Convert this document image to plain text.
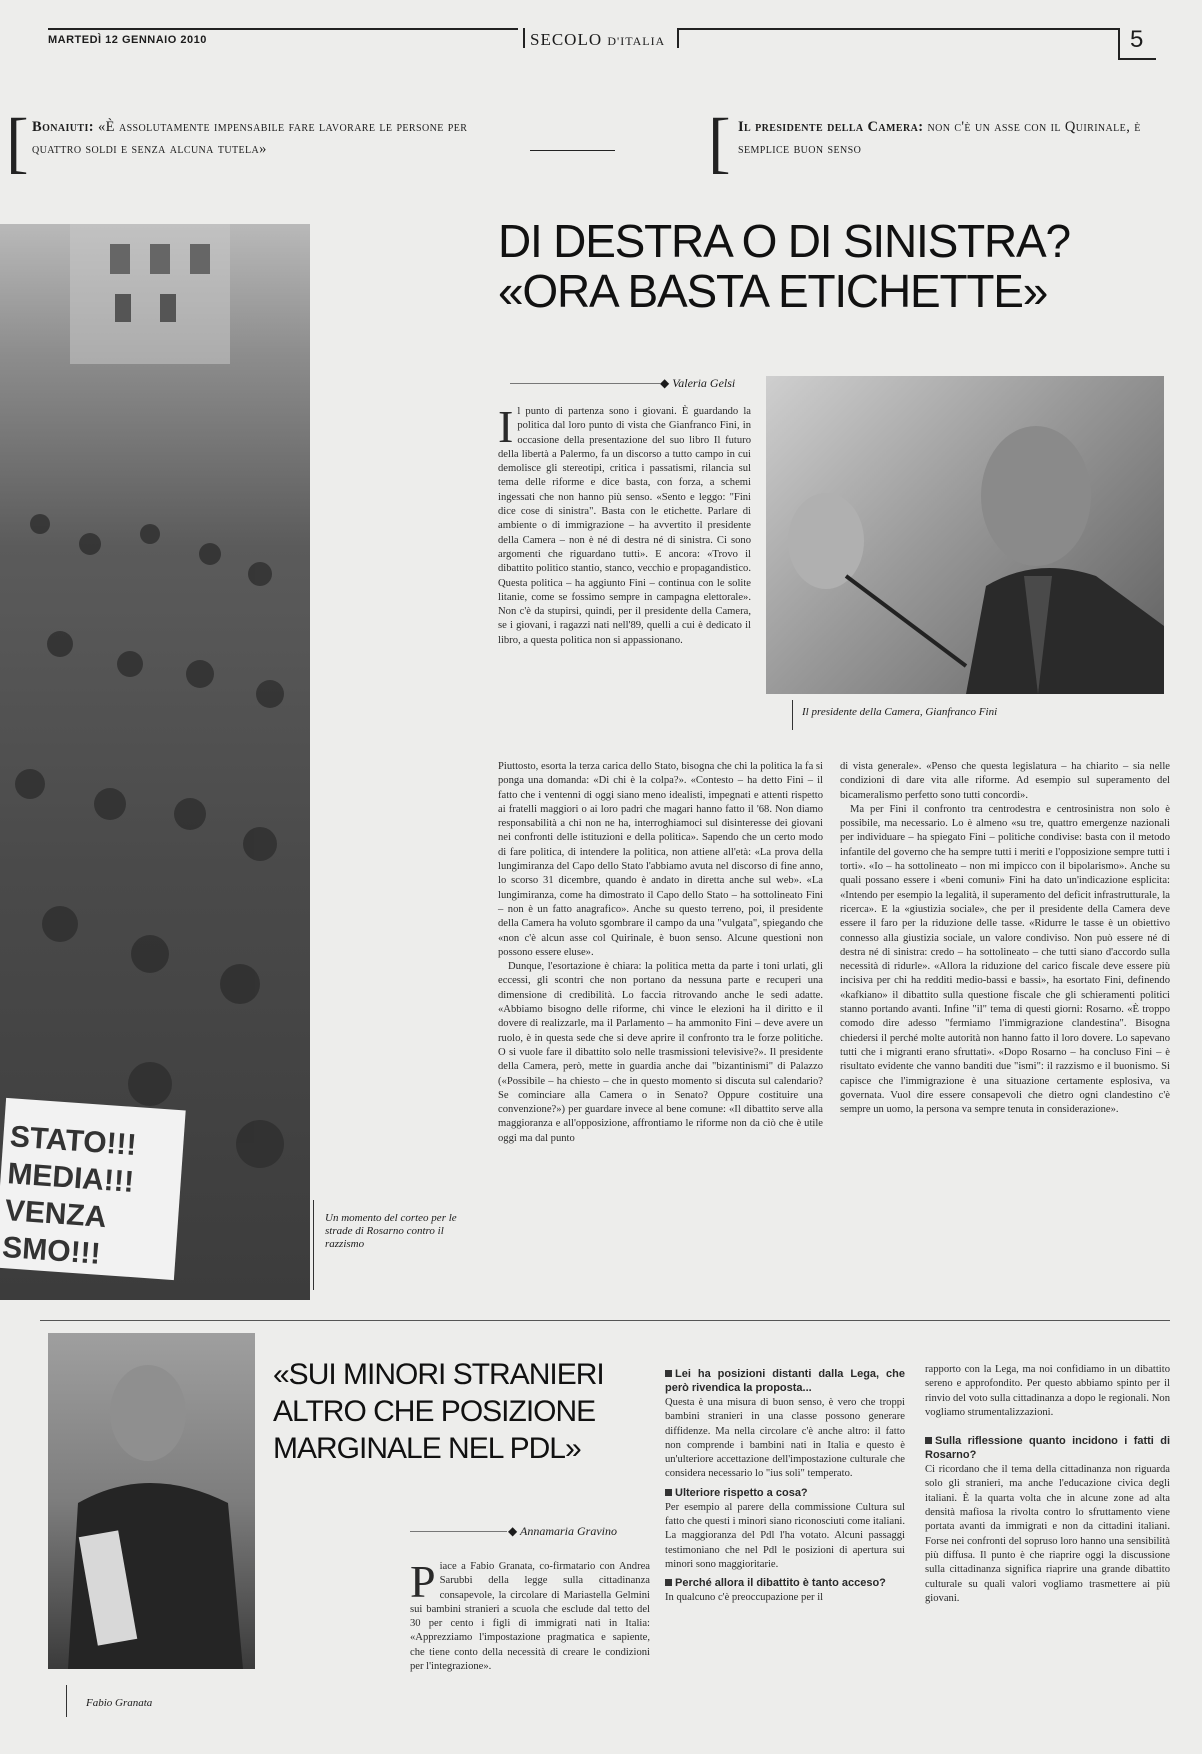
MARTEDÌ 12 GENNAIO 2010	SECOLO D'ITALIA	5
[ Bonaiuti: «È assolutamente impensabile fare lavorare le persone per quattro soldi e senza alcuna tutela»	[ Il presidente della Camera: non c'è un asse con il Quirinale, è semplice buon senso
STATO!!!
MEDIA!!!
VENZA
SMO!!!
Un momento del corteo per le strade di Rosarno contro il razzismo
DI DESTRA O DI SINISTRA?
«ORA BASTA ETICHETTE»
◆ Valeria Gelsi
Il presidente della Camera, Gianfranco Fini
I l punto di partenza sono i giovani. È guardando la politica dal loro punto di vista che Gianfranco Fini, in occasione della presentazione del suo libro Il futuro della libertà a Palermo, fa un discorso a tutto campo in cui demolisce gli stereotipi, critica i passatismi, rilancia sul tema delle riforme e dice basta, con forza, a schemi ingessati che non hanno più senso. «Sento e leggo: "Fini dice cose di sinistra". Basta con le etichette. Parlare di ambiente o di immigrazione – ha avvertito il presidente della Camera – non è né di destra né di sinistra. Ci sono argomenti che riguardano tutti». E ancora: «Trovo il dibattito politico stantio, stanco, vecchio e propagandistico. Questa politica – ha aggiunto Fini – continua con le solite litanie, come se fossimo sempre in campagna elettorale». Non c'è da stupirsi, quindi, per il presidente della Camera, se i giovani, i ragazzi nati nell'89, quelli a cui è dedicato il libro, a questa politica non si appassionano.

Piuttosto, esorta la terza carica dello Stato, bisogna che chi la politica la fa si ponga una domanda: «Di chi è la colpa?». «Contesto – ha detto Fini – il fatto che i ventenni di oggi siano meno idealisti, impegnati e attenti rispetto ai fratelli maggiori o ai loro padri che magari hanno fatto il '68. Non diamo responsabilità a chi non ne ha, interroghiamoci sul disinteresse dei giovani nei confronti delle istituzioni e della politica». Sapendo che un certo modo di fare politica, di intendere la politica, non attiene all'età: «La prova della lungimiranza del Capo dello Stato l'abbiamo avuta nel discorso di fine anno, lo scorso 31 dicembre, quando è andato in diretta anche sul web». «La lungimiranza, come ha dimostrato il Capo dello Stato – ha sottolineato Fini – non è un fatto anagrafico». Anche su questo terreno, poi, il presidente della Camera ha voluto sgombrare il campo da una "vulgata", spiegando che «non c'è alcun asse col Quirinale, è buon senso. Alcune questioni non possono essere eluse».

Dunque, l'esortazione è chiara: la politica metta da parte i toni urlati, gli eccessi, gli scontri che non portano da nessuna parte e recuperi una dimensione di credibilità. Lo faccia ritrovando anche le sedi adatte. «Abbiamo bisogno delle riforme, chi vince le elezioni ha il diritto e il dovere di realizzarle, ma il Parlamento – ha ammonito Fini – deve avere un ruolo, è in questa sede che si deve aprire il confronto tra le forze politiche. O si vuole fare il dibattito solo nelle trasmissioni televisive?». Il presidente della Camera, però, mette in guardia anche dai "bizantinismi" di Palazzo («Possibile – ha chiesto – che in questo momento si discuta sul calendario? Se cominciare alla Camera o in Senato? Oppure costituire una convenzione?») per guardare invece al bene comune: «Il dibattito serve alla maggioranza e all'opposizione, affrontiamo le riforme non da ciò che è utile oggi ma dal punto

di vista generale». «Penso che questa legislatura – ha chiarito – sia nelle condizioni di dare vita alle riforme. Ad esempio sul superamento del bicameralismo perfetto sono tutti concordi».

Ma per Fini il confronto tra centrodestra e centrosinistra non solo è possibile, ma necessario. Lo è almeno «su tre, quattro emergenze nazionali per individuare – ha spiegato Fini – politiche condivise: basta con il metodo infantile del governo che ha sempre tutti i meriti e l'opposizione sempre tutti i torti». «Io – ha sottolineato – non mi impicco con il bipolarismo». Anche su quali possano essere i «beni comuni» Fini ha dato un'indicazione esplicita: «Intendo per esempio la legalità, il superamento del deficit infrastrutturale, la ricerca». E la «giustizia sociale», che per il presidente della Camera deve essere il faro per la riduzione delle tasse. «Ridurre le tasse è un obiettivo connesso alla giustizia sociale, un valore condiviso. Non può essere né di destra né di sinistra: credo – ha sottolineato – che tutti siano d'accordo sulla necessità di ridurle». «Allora la riduzione del carico fiscale deve essere più incisiva per chi ha redditi medio-bassi e bassi», ha esortato Fini, definendo «kafkiano» il dibattito sulla questione fiscale che gli schieramenti politici stanno portando avanti. Infine "il" tema di questi giorni: Rosarno. «È troppo comodo dire adesso "fermiamo l'immigrazione clandestina". Bisogna chiedersi il perché molte autorità non hanno fatto il loro dovere. Lo sapevano tutti che i migranti erano sfruttati». «Dopo Rosarno – ha concluso Fini – è risultato evidente che vanno banditi due "ismi": il razzismo e il buonismo. Si capisce che l'immigrazione è una situazione certamente esplosiva, va governata. Vuol dire essere consapevoli che dietro ogni clandestino c'è sempre un uomo, la persona va sempre tenuta in considerazione».

Fabio Granata
«SUI MINORI STRANIERI ALTRO CHE POSIZIONE MARGINALE NEL PDL»
◆ Annamaria Gravino
P iace a Fabio Granata, co-firmatario con Andrea Sarubbi della legge sulla cittadinanza consapevole, la circolare di Mariastella Gelmini sui bambini stranieri a scuola che esclude dal tetto del 30 per cento i figli di immigrati nati in Italia: «Apprezziamo l'impostazione pragmatica e sapiente, che tiene conto della necessità di creare le condizioni per l'integrazione».
Lei ha posizioni distanti dalla Lega, che però rivendica la proposta...
Questa è una misura di buon senso, è vero che troppi bambini stranieri in una classe possono generare diffidenze. Ma nella circolare c'è anche altro: il fatto non comprende i bambini nati in Italia e questo è un'ulteriore accettazione dell'impostazione culturale che considera necessario lo "ius soli" temperato.
Ulteriore rispetto a cosa?
Per esempio al parere della commissione Cultura sul fatto che questi i minori siano riconosciuti come italiani. La maggioranza del Pdl l'ha votato. Alcuni passaggi testimoniano che nel Pdl le posizioni di apertura sui minori sono maggioritarie.
Perché allora il dibattito è tanto acceso?
In qualcuno c'è preoccupazione per il
rapporto con la Lega, ma noi confidiamo in un dibattito sereno e approfondito. Per questo abbiamo spinto per il rinvio del voto sulla cittadinanza a dopo le regionali. Non vogliamo strumentalizzazioni.
Sulla riflessione quanto incidono i fatti di Rosarno?
Ci ricordano che il tema della cittadinanza non riguarda solo gli stranieri, ma anche l'educazione civica degli italiani. È la quarta volta che in alcune zone ad alta densità mafiosa la rivolta contro lo sfruttamento viene portata avanti da immigrati e non da cittadini italiani. Forse nei confronti del sopruso loro hanno una sensibilità più diffusa. Il punto è che riaprire oggi la discussione sulla cittadinanza significa riaprire una grande dibattito culturale su quali valori vogliamo trasmettere ai più giovani.
